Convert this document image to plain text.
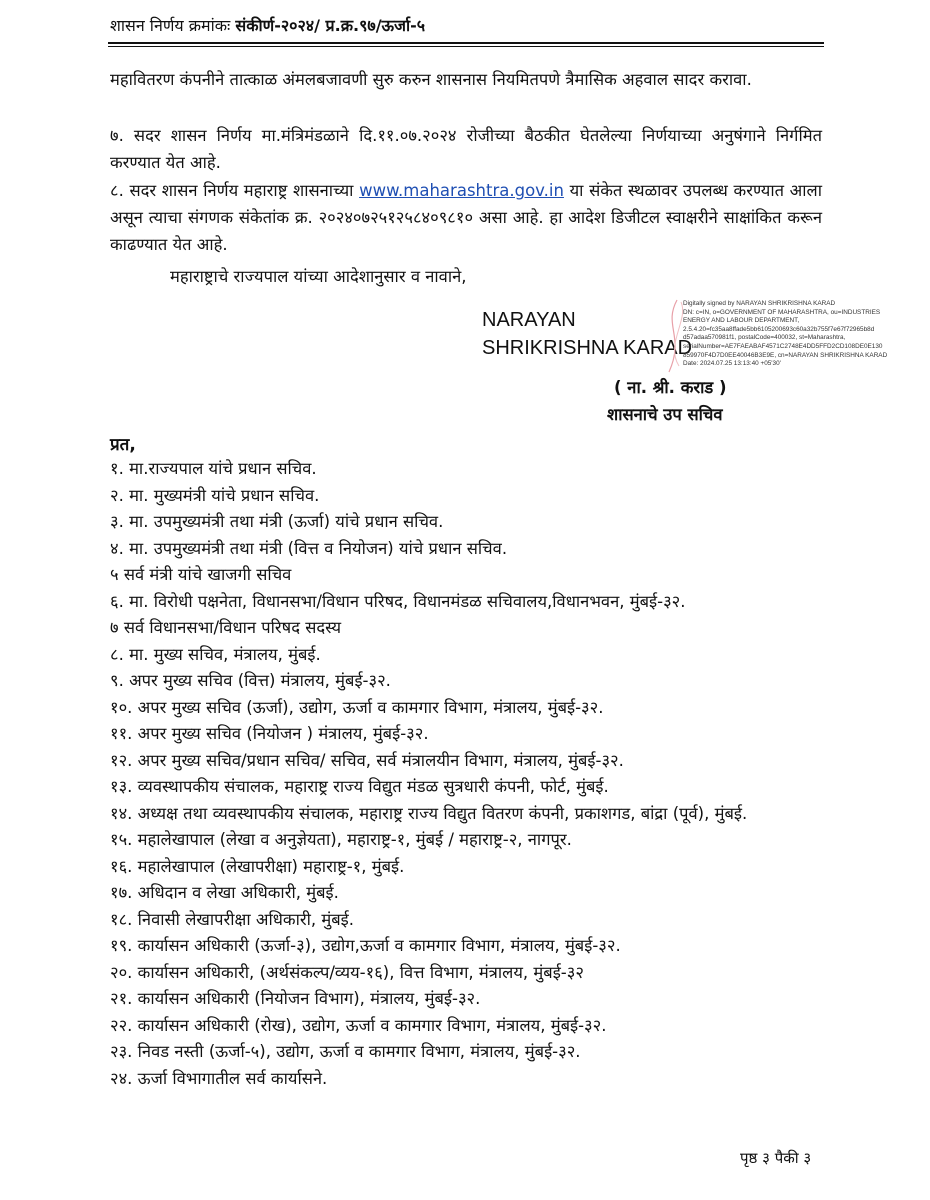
शासन निर्णय क्रमांकः संकीर्ण-२०२४/ प्र.क्र.९७/ऊर्जा-५

महावितरण कंपनीने तात्काळ अंमलबजावणी सुरु करुन शासनास नियमितपणे त्रैमासिक अहवाल सादर करावा.

७. सदर शासन निर्णय मा.मंत्रिमंडळाने दि.११.०७.२०२४ रोजीच्या बैठकीत घेतलेल्या निर्णयाच्या अनुषंगाने निर्गमित करण्यात येत आहे.

८. सदर शासन निर्णय महाराष्ट्र शासनाच्या www.maharashtra.gov.in या संकेत स्थळावर उपलब्ध करण्यात आला असून त्याचा संगणक संकेतांक क्र. २०२४०७२५१२५८४०९८१० असा आहे. हा आदेश डिजीटल स्वाक्षरीने साक्षांकित करून काढण्यात येत आहे.

महाराष्ट्राचे राज्यपाल यांच्या आदेशानुसार व नावाने,
NARAYAN
SHRIKRISHNA KARAD
Digitally signed by NARAYAN SHRIKRISHNA KARAD
DN: c=IN, o=GOVERNMENT OF MAHARASHTRA, ou=INDUSTRIES
ENERGY AND LABOUR DEPARTMENT,
2.5.4.20=fc35aa8ffade5bb6105200693c60a32b755f7e67f72965b8d
d57adaa570981f1, postalCode=400032, st=Maharashtra,
serialNumber=AE7FAEABAF4571C2748E4DD5FFD2CD108DE0E130
859970F4D7D0EE40046B3E9E, cn=NARAYAN SHRIKRISHNA KARAD
Date: 2024.07.25 13:13:40 +05'30'
( ना. श्री. कराड )
शासनाचे उप सचिव
प्रत,
१. मा.राज्यपाल यांचे प्रधान सचिव.
२. मा. मुख्यमंत्री यांचे प्रधान सचिव.
३. मा. उपमुख्यमंत्री तथा मंत्री (ऊर्जा) यांचे प्रधान सचिव.
४. मा. उपमुख्यमंत्री तथा मंत्री (वित्त व नियोजन) यांचे प्रधान सचिव.
५ सर्व मंत्री यांचे खाजगी सचिव
६. मा. विरोधी पक्षनेता, विधानसभा/विधान परिषद, विधानमंडळ सचिवालय,विधानभवन, मुंबई-३२.
७ सर्व विधानसभा/विधान परिषद सदस्य
८. मा. मुख्य सचिव, मंत्रालय, मुंबई.
९. अपर मुख्य सचिव (वित्त) मंत्रालय, मुंबई-३२.
१०. अपर मुख्य सचिव (ऊर्जा), उद्योग, ऊर्जा व कामगार विभाग, मंत्रालय, मुंबई-३२.
११. अपर मुख्य सचिव (नियोजन ) मंत्रालय, मुंबई-३२.
१२. अपर मुख्य सचिव/प्रधान सचिव/ सचिव, सर्व मंत्रालयीन विभाग, मंत्रालय, मुंबई-३२.
१३. व्यवस्थापकीय संचालक, महाराष्ट्र राज्य विद्युत मंडळ सुत्रधारी कंपनी, फोर्ट, मुंबई.
१४. अध्यक्ष तथा व्यवस्थापकीय संचालक, महाराष्ट्र राज्य विद्युत वितरण कंपनी, प्रकाशगड, बांद्रा (पूर्व), मुंबई.
१५. महालेखापाल (लेखा व अनुज्ञेयता), महाराष्ट्र-१, मुंबई / महाराष्ट्र-२, नागपूर.
१६. महालेखापाल (लेखापरीक्षा) महाराष्ट्र-१, मुंबई.
१७. अधिदान व लेखा अधिकारी, मुंबई.
१८. निवासी लेखापरीक्षा अधिकारी, मुंबई.
१९. कार्यासन अधिकारी (ऊर्जा-३), उद्योग,ऊर्जा व कामगार विभाग, मंत्रालय, मुंबई-३२.
२०. कार्यासन अधिकारी, (अर्थसंकल्प/व्यय-१६), वित्त विभाग, मंत्रालय, मुंबई-३२
२१. कार्यासन अधिकारी (नियोजन विभाग), मंत्रालय, मुंबई-३२.
२२. कार्यासन अधिकारी (रोख), उद्योग, ऊर्जा व कामगार विभाग, मंत्रालय, मुंबई-३२.
२३. निवड नस्ती (ऊर्जा-५), उद्योग, ऊर्जा व कामगार विभाग, मंत्रालय, मुंबई-३२.
२४. ऊर्जा विभागातील सर्व कार्यासने.
पृष्ठ ३ पैकी ३
